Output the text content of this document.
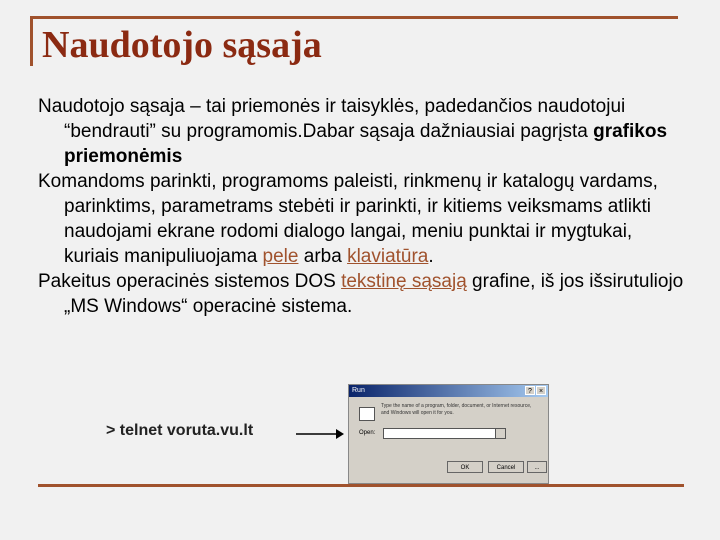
Naudotojo sąsaja

Naudotojo sąsaja – tai priemonės ir taisyklės, padedančios naudotojui “bendrauti” su programomis.Dabar sąsaja dažniausiai pagrįsta grafikos priemonėmis

Komandoms parinkti, programoms paleisti, rinkmenų ir katalogų vardams, parinktims, parametrams stebėti ir parinkti, ir kitiems veiksmams atlikti naudojami ekrane rodomi dialogo langai, meniu punktai ir mygtukai, kuriais manipuliuojama pele arba klaviatūra.

Pakeitus operacinės sistemos DOS tekstinę sąsają grafine, iš jos išsirutuliojo „MS Windows“ operacinė sistema.

> telnet voruta.vu.lt
Run	?	×
Type the name of a program, folder, document, or Internet resource, and Windows will open it for you.
Open:
OK	Cancel	...
